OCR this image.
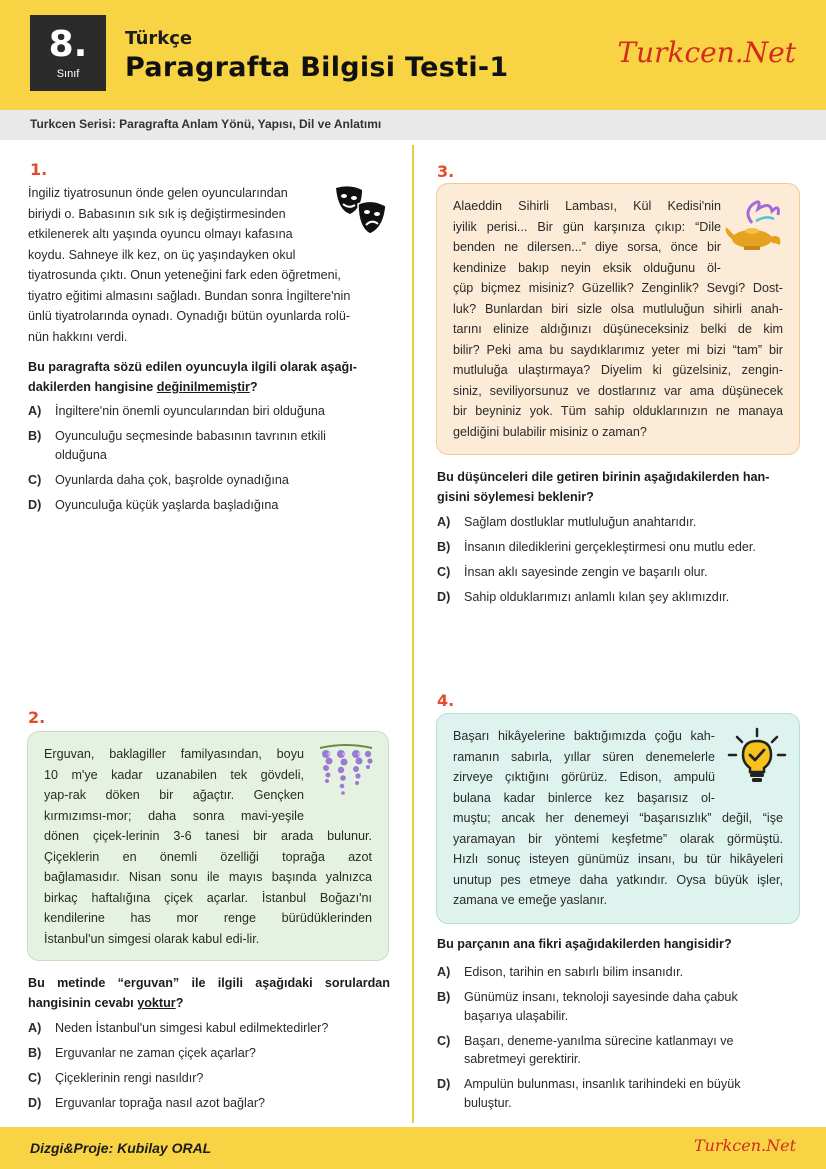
8.
Sınıf
Türkçe
Paragrafta Bilgisi Testi-1	Turkcen.Net
Turkcen Serisi: Paragrafta Anlam Yönü, Yapısı, Dil ve Anlatımı
1.
İngiliz tiyatrosunun önde gelen oyuncularından
biriydi o. Babasının sık sık iş değiştirmesinden
etkilenerek altı yaşında oyuncu olmayı kafasına
koydu. Sahneye ilk kez, on üç yaşındayken okul
tiyatrosunda çıktı. Onun yeteneğini fark eden öğretmeni,
tiyatro eğitimi almasını sağladı. Bundan sonra İngiltere'nin
ünlü tiyatrolarında oynadı. Oynadığı bütün oyunlarda rolü-
nün hakkını verdi.
Bu paragrafta sözü edilen oyuncuyla ilgili olarak aşağı-
dakilerden hangisine değinilmemiştir?
A)	İngiltere'nin önemli oyuncularından biri olduğuna
B)	Oyunculuğu seçmesinde babasının tavrının etkili olduğuna
C)	Oyunlarda daha çok, başrolde oynadığına
D)	Oyunculuğa küçük yaşlarda başladığına
2.
Erguvan, baklagiller familyasından, boyu
10 m'ye kadar uzanabilen tek gövdeli,
yap-rak döken bir ağaçtır. Gençken
kırmızımsı-mor; daha sonra mavi-yeşile
dönen çiçek-lerinin 3-6 tanesi bir arada bulunur.
Çiçeklerin en önemli özelliği toprağa azot
bağlamasıdır. Nisan sonu ile mayıs başında yalnızca
birkaç haftalığına çiçek açarlar. İstanbul Boğazı'nı
kendilerine has mor renge bürüdüklerinden
İstanbul'un simgesi olarak kabul edi-lir.
Bu metinde “erguvan” ile ilgili aşağıdaki sorulardan
hangisinin cevabı yoktur?
A)	Neden İstanbul'un simgesi kabul edilmektedirler?
B)	Erguvanlar ne zaman çiçek açarlar?
C)	Çiçeklerinin rengi nasıldır?
D)	Erguvanlar toprağa nasıl azot bağlar?
3.
Alaeddin Sihirli Lambası, Kül Kedisi'nin
iyilik perisi... Bir gün karşınıza çıkıp: “Dile
benden ne dilersen...” diye sorsa, önce bir
kendinize bakıp neyin eksik olduğunu öl-
çüp biçmez misiniz? Güzellik? Zenginlik? Sevgi? Dost-
luk? Bunlardan biri sizle olsa mutluluğun sihirli anah-
tarını elinize aldığınızı düşüneceksiniz belki de kim
bilir? Peki ama bu saydıklarımız yeter mi bizi “tam” bir
mutluluğa ulaştırmaya? Diyelim ki güzelsiniz, zengin-
siniz, seviliyorsunuz ve dostlarınız var ama düşünecek
bir beyniniz yok. Tüm sahip olduklarınızın ne manaya
geldiğini bulabilir misiniz o zaman?
Bu düşünceleri dile getiren birinin aşağıdakilerden han-
gisini söylemesi beklenir?
A)	Sağlam dostluklar mutluluğun anahtarıdır.
B)	İnsanın dilediklerini gerçekleştirmesi onu mutlu eder.
C)	İnsan aklı sayesinde zengin ve başarılı olur.
D)	Sahip olduklarımızı anlamlı kılan şey aklımızdır.
4.
Başarı hikâyelerine baktığımızda çoğu kah-
ramanın sabırla, yıllar süren denemelerle
zirveye çıktığını görürüz. Edison, ampulü
bulana kadar binlerce kez başarısız ol-
muştu; ancak her denemeyi “başarısızlık” değil, “işe
yaramayan bir yöntemi keşfetme” olarak görmüştü.
Hızlı sonuç isteyen günümüz insanı, bu tür hikâyeleri
unutup pes etmeye daha yatkındır. Oysa büyük işler,
zamana ve emeğe yaslanır.
Bu parçanın ana fikri aşağıdakilerden hangisidir?
A)	Edison, tarihin en sabırlı bilim insanıdır.
B)	Günümüz insanı, teknoloji sayesinde daha çabuk başarıya ulaşabilir.
C)	Başarı, deneme-yanılma sürecine katlanmayı ve sabretmeyi gerektirir.
D)	Ampulün bulunması, insanlık tarihindeki en büyük buluştur.
Dizgi&Proje: Kubilay ORAL	Turkcen.Net
